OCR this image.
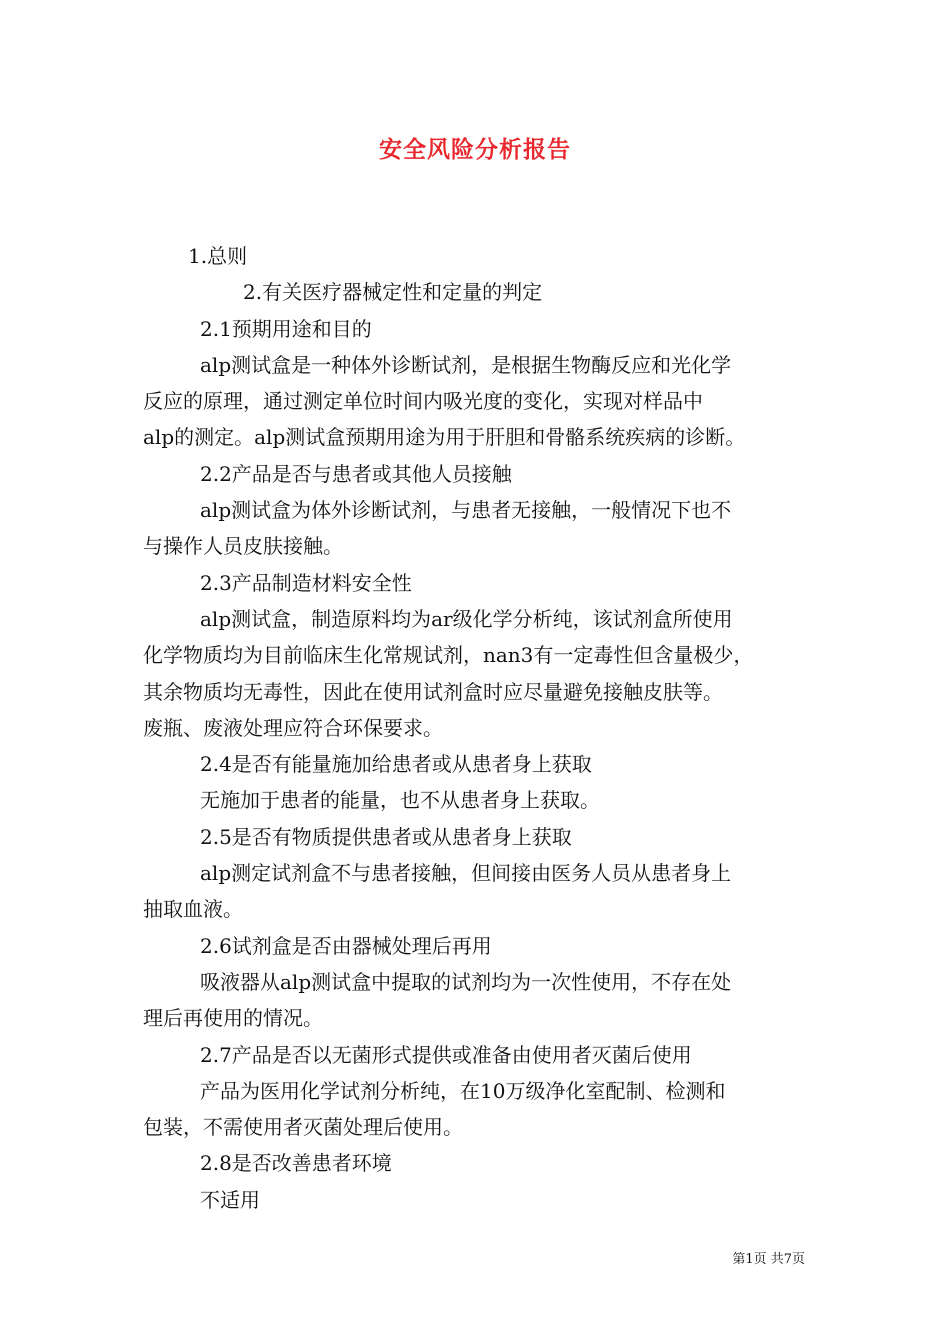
安全风险分析报告

1.总则

2.有关医疗器械定性和定量的判定

2.1预期用途和目的

alp测试盒是一种体外诊断试剂，是根据生物酶反应和光化学
反应的原理，通过测定单位时间内吸光度的变化，实现对样品中
alp的测定。alp测试盒预期用途为用于肝胆和骨骼系统疾病的诊断。

2.2产品是否与患者或其他人员接触

alp测试盒为体外诊断试剂，与患者无接触，一般情况下也不
与操作人员皮肤接触。

2.3产品制造材料安全性

alp测试盒，制造原料均为ar级化学分析纯，该试剂盒所使用
化学物质均为目前临床生化常规试剂，nan3有一定毒性但含量极少，
其余物质均无毒性，因此在使用试剂盒时应尽量避免接触皮肤等。
废瓶、废液处理应符合环保要求。

2.4是否有能量施加给患者或从患者身上获取

无施加于患者的能量，也不从患者身上获取。

2.5是否有物质提供患者或从患者身上获取

alp测定试剂盒不与患者接触，但间接由医务人员从患者身上
抽取血液。

2.6试剂盒是否由器械处理后再用

吸液器从alp测试盒中提取的试剂均为一次性使用，不存在处
理后再使用的情况。

2.7产品是否以无菌形式提供或准备由使用者灭菌后使用

产品为医用化学试剂分析纯，在10万级净化室配制、检测和
包装，不需使用者灭菌处理后使用。

2.8是否改善患者环境

不适用
第1页 共7页
